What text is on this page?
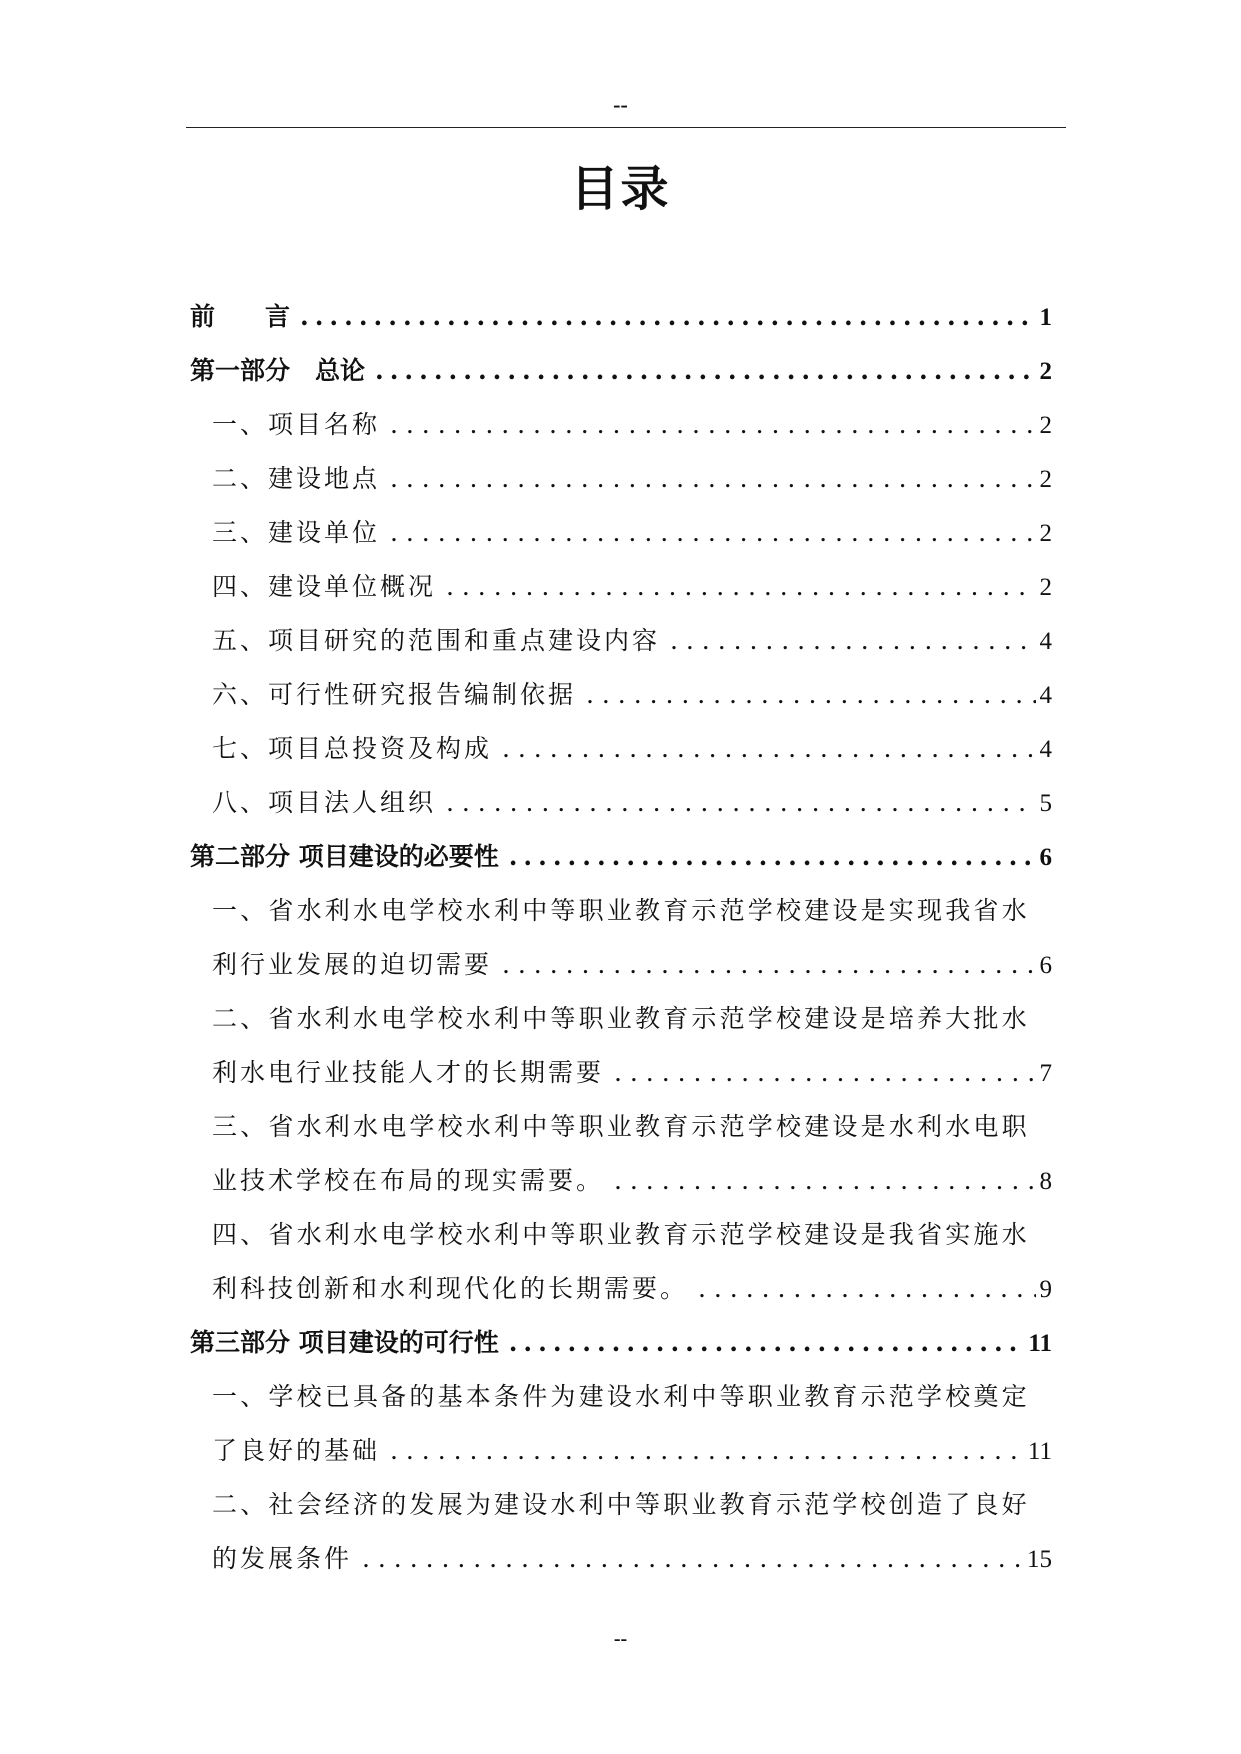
--
目录
前　　言 .....	1
第一部分　总论 .....	2
一、项目名称 . . .	2
二、建设地点 . . .	2
三、建设单位 . . .	2
四、建设单位概况 . . .	2
五、项目研究的范围和重点建设内容 . . .	4
六、可行性研究报告编制依据 . . .	4
七、项目总投资及构成 . . .	4
八、项目法人组织 . . .	5
第二部分 项目建设的必要性 .....	6
一、省水利水电学校水利中等职业教育示范学校建设是实现我省水
利行业发展的迫切需要 . . .	6
二、省水利水电学校水利中等职业教育示范学校建设是培养大批水
利水电行业技能人才的长期需要 . . .	7
三、省水利水电学校水利中等职业教育示范学校建设是水利水电职
业技术学校在布局的现实需要。 . . .	8
四、省水利水电学校水利中等职业教育示范学校建设是我省实施水
利科技创新和水利现代化的长期需要。 . . .	9
第三部分 项目建设的可行性 .....	11
一、学校已具备的基本条件为建设水利中等职业教育示范学校奠定
了良好的基础 . . .	11
二、社会经济的发展为建设水利中等职业教育示范学校创造了良好
的发展条件 . . .	15
--
